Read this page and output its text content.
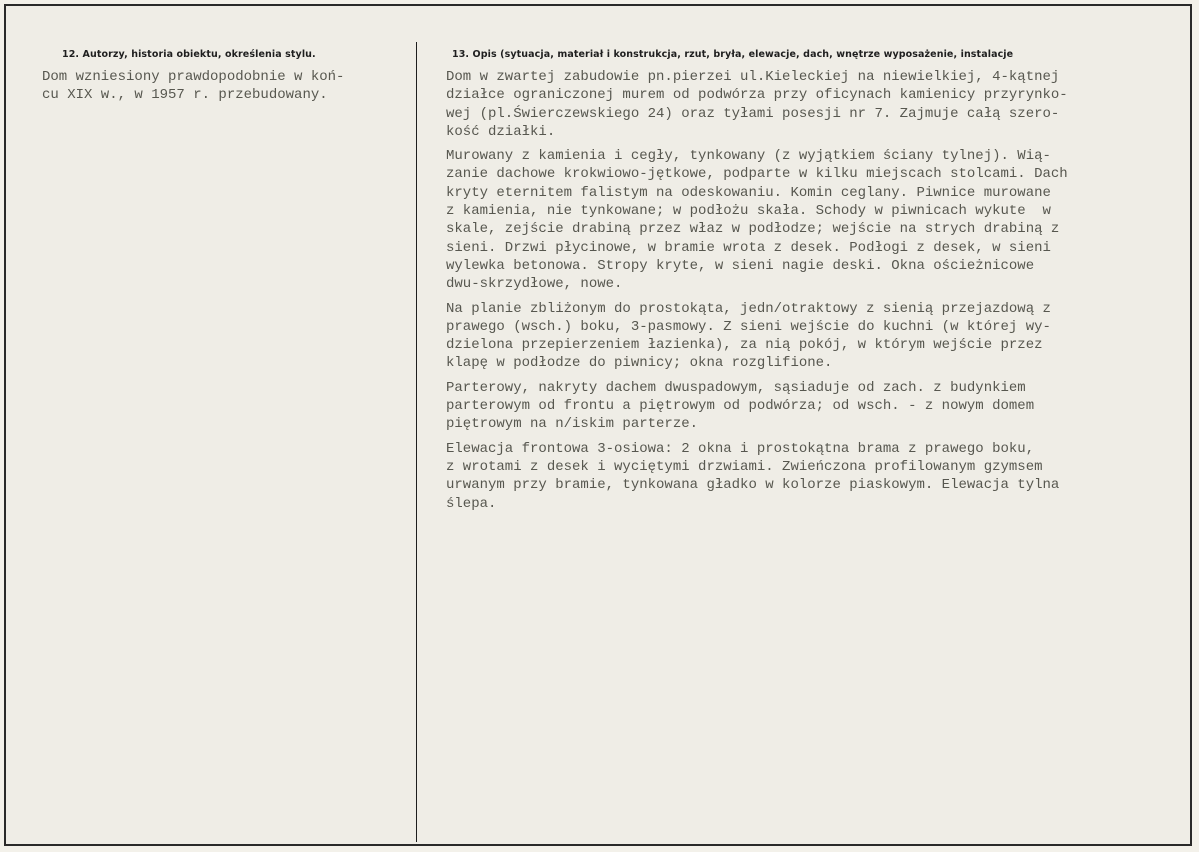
12. Autorzy, historia obiektu, określenia stylu.	13. Opis (sytuacja, materiał i konstrukcja, rzut, bryła, elewacje, dach, wnętrze wyposażenie, instalacje
Dom wzniesiony prawdopodobnie w koń-
cu XIX w., w 1957 r. przebudowany.
Dom w zwartej zabudowie pn.pierzei ul.Kieleckiej na niewielkiej, 4-kątnej
działce ograniczonej murem od podwórza przy oficynach kamienicy przyrynko-
wej (pl.Świerczewskiego 24) oraz tyłami posesji nr 7. Zajmuje całą szero-
kość działki.
Murowany z kamienia i cegły, tynkowany (z wyjątkiem ściany tylnej). Wią-
zanie dachowe krokwiowo-jętkowe, podparte w kilku miejscach stolcami. Dach
kryty eternitem falistym na odeskowaniu. Komin ceglany. Piwnice murowane
z kamienia, nie tynkowane; w podłożu skała. Schody w piwnicach wykute  w
skale, zejście drabiną przez właz w podłodze; wejście na strych drabiną z
sieni. Drzwi płycinowe, w bramie wrota z desek. Podłogi z desek, w sieni
wylewka betonowa. Stropy kryte, w sieni nagie deski. Okna ościeżnicowe
dwu-skrzydłowe, nowe.
Na planie zbliżonym do prostokąta, jedn/otraktowy z sienią przejazdową z
prawego (wsch.) boku, 3-pasmowy. Z sieni wejście do kuchni (w której wy-
dzielona przepierzeniem łazienka), za nią pokój, w którym wejście przez
klapę w podłodze do piwnicy; okna rozglifione.
Parterowy, nakryty dachem dwuspadowym, sąsiaduje od zach. z budynkiem
parterowym od frontu a piętrowym od podwórza; od wsch. - z nowym domem
piętrowym na n/iskim parterze.
Elewacja frontowa 3-osiowa: 2 okna i prostokątna brama z prawego boku,
z wrotami z desek i wyciętymi drzwiami. Zwieńczona profilowanym gzymsem
urwanym przy bramie, tynkowana gładko w kolorze piaskowym. Elewacja tylna
ślepa.
